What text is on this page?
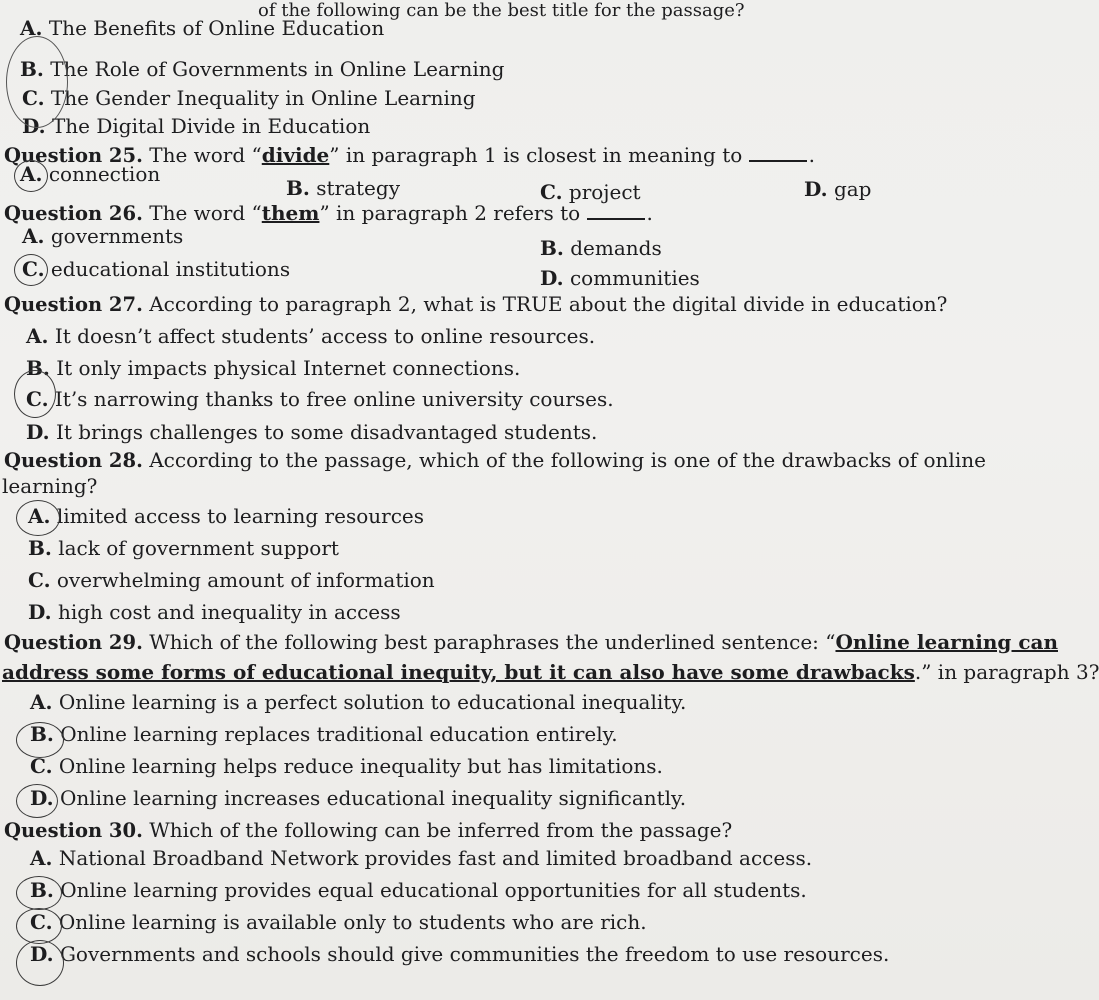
of the following can be the best title for the passage?
A. The Benefits of Online Education
B. The Role of Governments in Online Learning
C. The Gender Inequality in Online Learning
D. The Digital Divide in Education
Question 25. The word “divide” in paragraph 1 is closest in meaning to	.
A. connection
B. strategy	C. project	D. gap
Question 26. The word “them” in paragraph 2 refers to	.
A. governments	B. demands
C. educational institutions	D. communities
Question 27. According to paragraph 2, what is TRUE about the digital divide in education?
A. It doesn’t affect students’ access to online resources.
B. It only impacts physical Internet connections.
C. It’s narrowing thanks to free online university courses.
D. It brings challenges to some disadvantaged students.
Question 28. According to the passage, which of the following is one of the drawbacks of online
learning?
A. limited access to learning resources
B. lack of government support
C. overwhelming amount of information
D. high cost and inequality in access
Question 29. Which of the following best paraphrases the underlined sentence: “Online learning can
address some forms of educational inequity, but it can also have some drawbacks.” in paragraph 3?
A. Online learning is a perfect solution to educational inequality.
B. Online learning replaces traditional education entirely.
C. Online learning helps reduce inequality but has limitations.
D. Online learning increases educational inequality significantly.
Question 30. Which of the following can be inferred from the passage?
A. National Broadband Network provides fast and limited broadband access.
B. Online learning provides equal educational opportunities for all students.
C. Online learning is available only to students who are rich.
D. Governments and schools should give communities the freedom to use resources.
